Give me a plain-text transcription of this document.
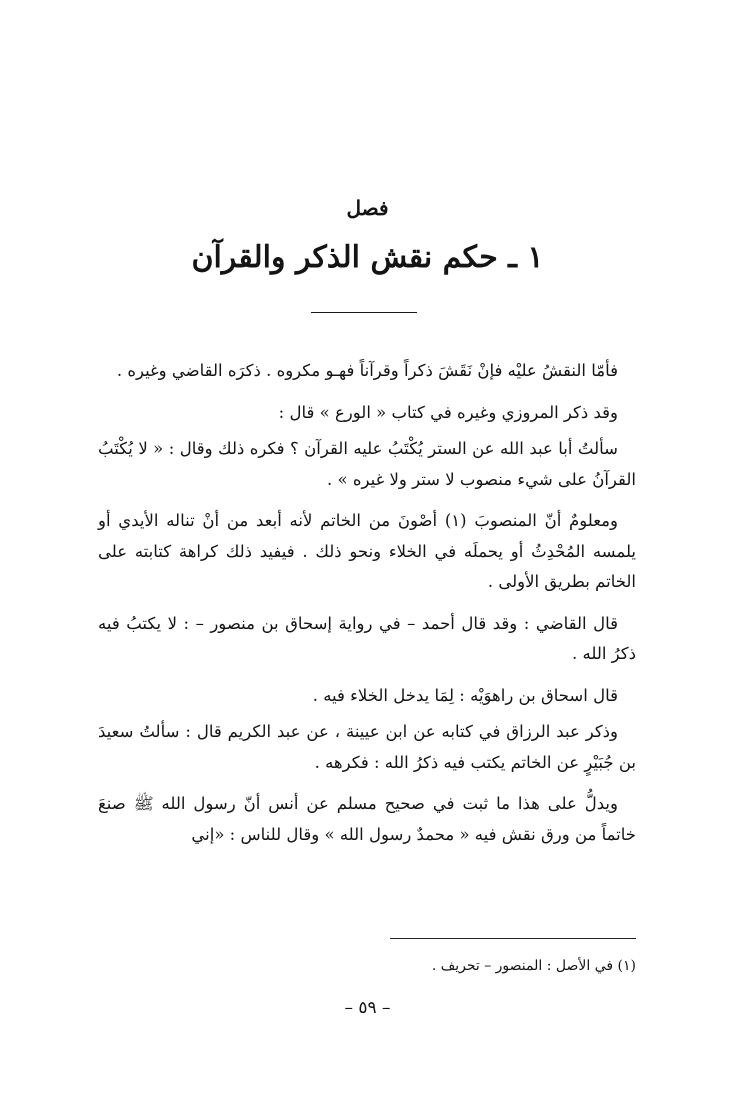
فصل
١ ـ حكم نقش الذكر والقرآن

فأمّا النقشُ عليْه فإنْ نَقَشَ ذكراً وقرآناً فهـو مكروه . ذكرَه القاضي وغيره .

وقد ذكر المروزي وغيره في كتاب « الورع » قال :

سألتُ أبا عبد الله عن الستر يُكْتَبُ عليه القرآن ؟ فكره ذلك وقال : « لا يُكْتَبُ القرآنُ على شيء منصوب لا ستر ولا غيره » .

ومعلومٌ أنّ المنصوبَ (١) أصْونَ من الخاتم لأنه أبعد من أنْ تناله الأيدي أو يلمسه المُحْدِثُ أو يحملَه في الخلاء ونحو ذلك . فيفيد ذلك كراهة كتابته على الخاتم بطريق الأولى .

قال القاضي : وقد قال أحمد – في رواية إسحاق بن منصور – : لا يكتبُ فيه ذكرُ الله .

قال اسحاق بن راهوَيْه : لِمَا يدخل الخلاء فيه .

وذكر عبد الرزاق في كتابه عن ابن عيينة ، عن عبد الكريم قال : سألتُ سعيدَ بن جُبَيْرٍ عن الخاتم يكتب فيه ذكرُ الله : فكرهه .

ويدلُّ على هذا ما ثبت في صحيح مسلم عن أنس أنّ رسول الله ﷺ صنعَ خاتماً من ورق نقش فيه « محمدٌ رسول الله » وقال للناس : «إني

(١) في الأصل : المنصور – تحريف .
– ٥٩ –
